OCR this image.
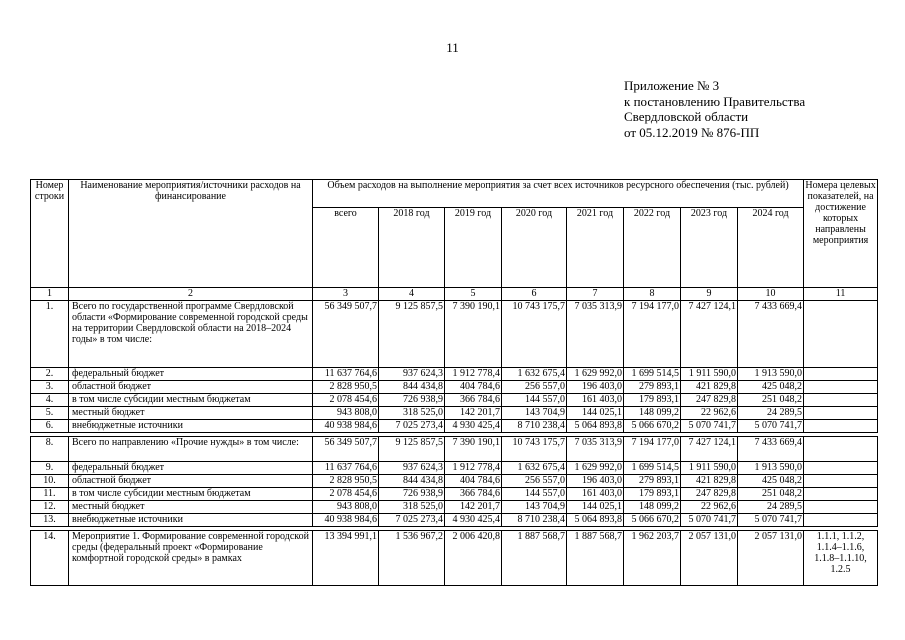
11
Приложение № 3
к постановлению Правительства
Свердловской области
от 05.12.2019 № 876-ПП
Номер строки	Наименование мероприятия/источники расходов на финансирование	Объем расходов на выполнение мероприятия за счет всех источников ресурсного обеспечения (тыс. рублей)								Номера целевых показателей, на достижение которых направлены мероприятия
		всего	2018 год	2019 год	2020 год	2021 год	2022 год	2023 год	2024 год	
1	2	3	4	5	6	7	8	9	10	11
1.	Всего по государственной программе Свердловской области «Формирование современной городской среды на территории Свердловской области на 2018–2024 годы» в том числе:	56 349 507,7	9 125 857,5	7 390 190,1	10 743 175,7	7 035 313,9	7 194 177,0	7 427 124,1	7 433 669,4	
2.	федеральный бюджет	11 637 764,6	937 624,3	1 912 778,4	1 632 675,4	1 629 992,0	1 699 514,5	1 911 590,0	1 913 590,0	
3.	областной бюджет	2 828 950,5	844 434,8	404 784,6	256 557,0	196 403,0	279 893,1	421 829,8	425 048,2	
4.	в том числе субсидии местным бюджетам	2 078 454,6	726 938,9	366 784,6	144 557,0	161 403,0	179 893,1	247 829,8	251 048,2	
5.	местный бюджет	943 808,0	318 525,0	142 201,7	143 704,9	144 025,1	148 099,2	22 962,6	24 289,5	
6.	внебюджетные источники	40 938 984,6	7 025 273,4	4 930 425,4	8 710 238,4	5 064 893,8	5 066 670,2	5 070 741,7	5 070 741,7	

8.	Всего по направлению «Прочие нужды» в том числе:	56 349 507,7	9 125 857,5	7 390 190,1	10 743 175,7	7 035 313,9	7 194 177,0	7 427 124,1	7 433 669,4	
9.	федеральный бюджет	11 637 764,6	937 624,3	1 912 778,4	1 632 675,4	1 629 992,0	1 699 514,5	1 911 590,0	1 913 590,0	
10.	областной бюджет	2 828 950,5	844 434,8	404 784,6	256 557,0	196 403,0	279 893,1	421 829,8	425 048,2	
11.	в том числе субсидии местным бюджетам	2 078 454,6	726 938,9	366 784,6	144 557,0	161 403,0	179 893,1	247 829,8	251 048,2	
12.	местный бюджет	943 808,0	318 525,0	142 201,7	143 704,9	144 025,1	148 099,2	22 962,6	24 289,5	
13.	внебюджетные источники	40 938 984,6	7 025 273,4	4 930 425,4	8 710 238,4	5 064 893,8	5 066 670,2	5 070 741,7	5 070 741,7	

14.	Мероприятие 1. Формирование современной городской среды (федеральный проект «Формирование комфортной городской среды» в рамках	13 394 991,1	1 536 967,2	2 006 420,8	1 887 568,7	1 887 568,7	1 962 203,7	2 057 131,0	2 057 131,0	1.1.1, 1.1.2, 1.1.4–1.1.6, 1.1.8–1.1.10, 1.2.5
